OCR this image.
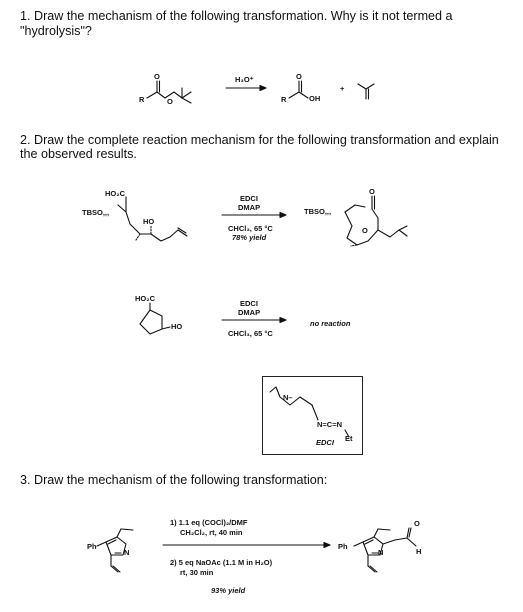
1. Draw the mechanism of the following transformation. Why is it not termed a
"hydrolysis"?
2. Draw the complete reaction mechanism for the following transformation and explain
the observed results.
3. Draw the mechanism of the following transformation:
R
O
O
H₃O⁺	O
R	OH
+
HO₂C
TBSO,,,
HO
EDCI
DMAP
CHCl₃, 65 °C
78% yield
TBSO,,,
O
O
HO₂C
HO
EDCI
DMAP
CHCl₃, 65 °C
no reaction
N–
N=C=N
Et
EDCI
Ph
N
1) 1.1 eq (COCl)₂/DMF
CH₂Cl₂, rt, 40 min
2) 5 eq NaOAc (1.1 M in H₂O)
rt, 30 min
93% yield
Ph
N
O
H
